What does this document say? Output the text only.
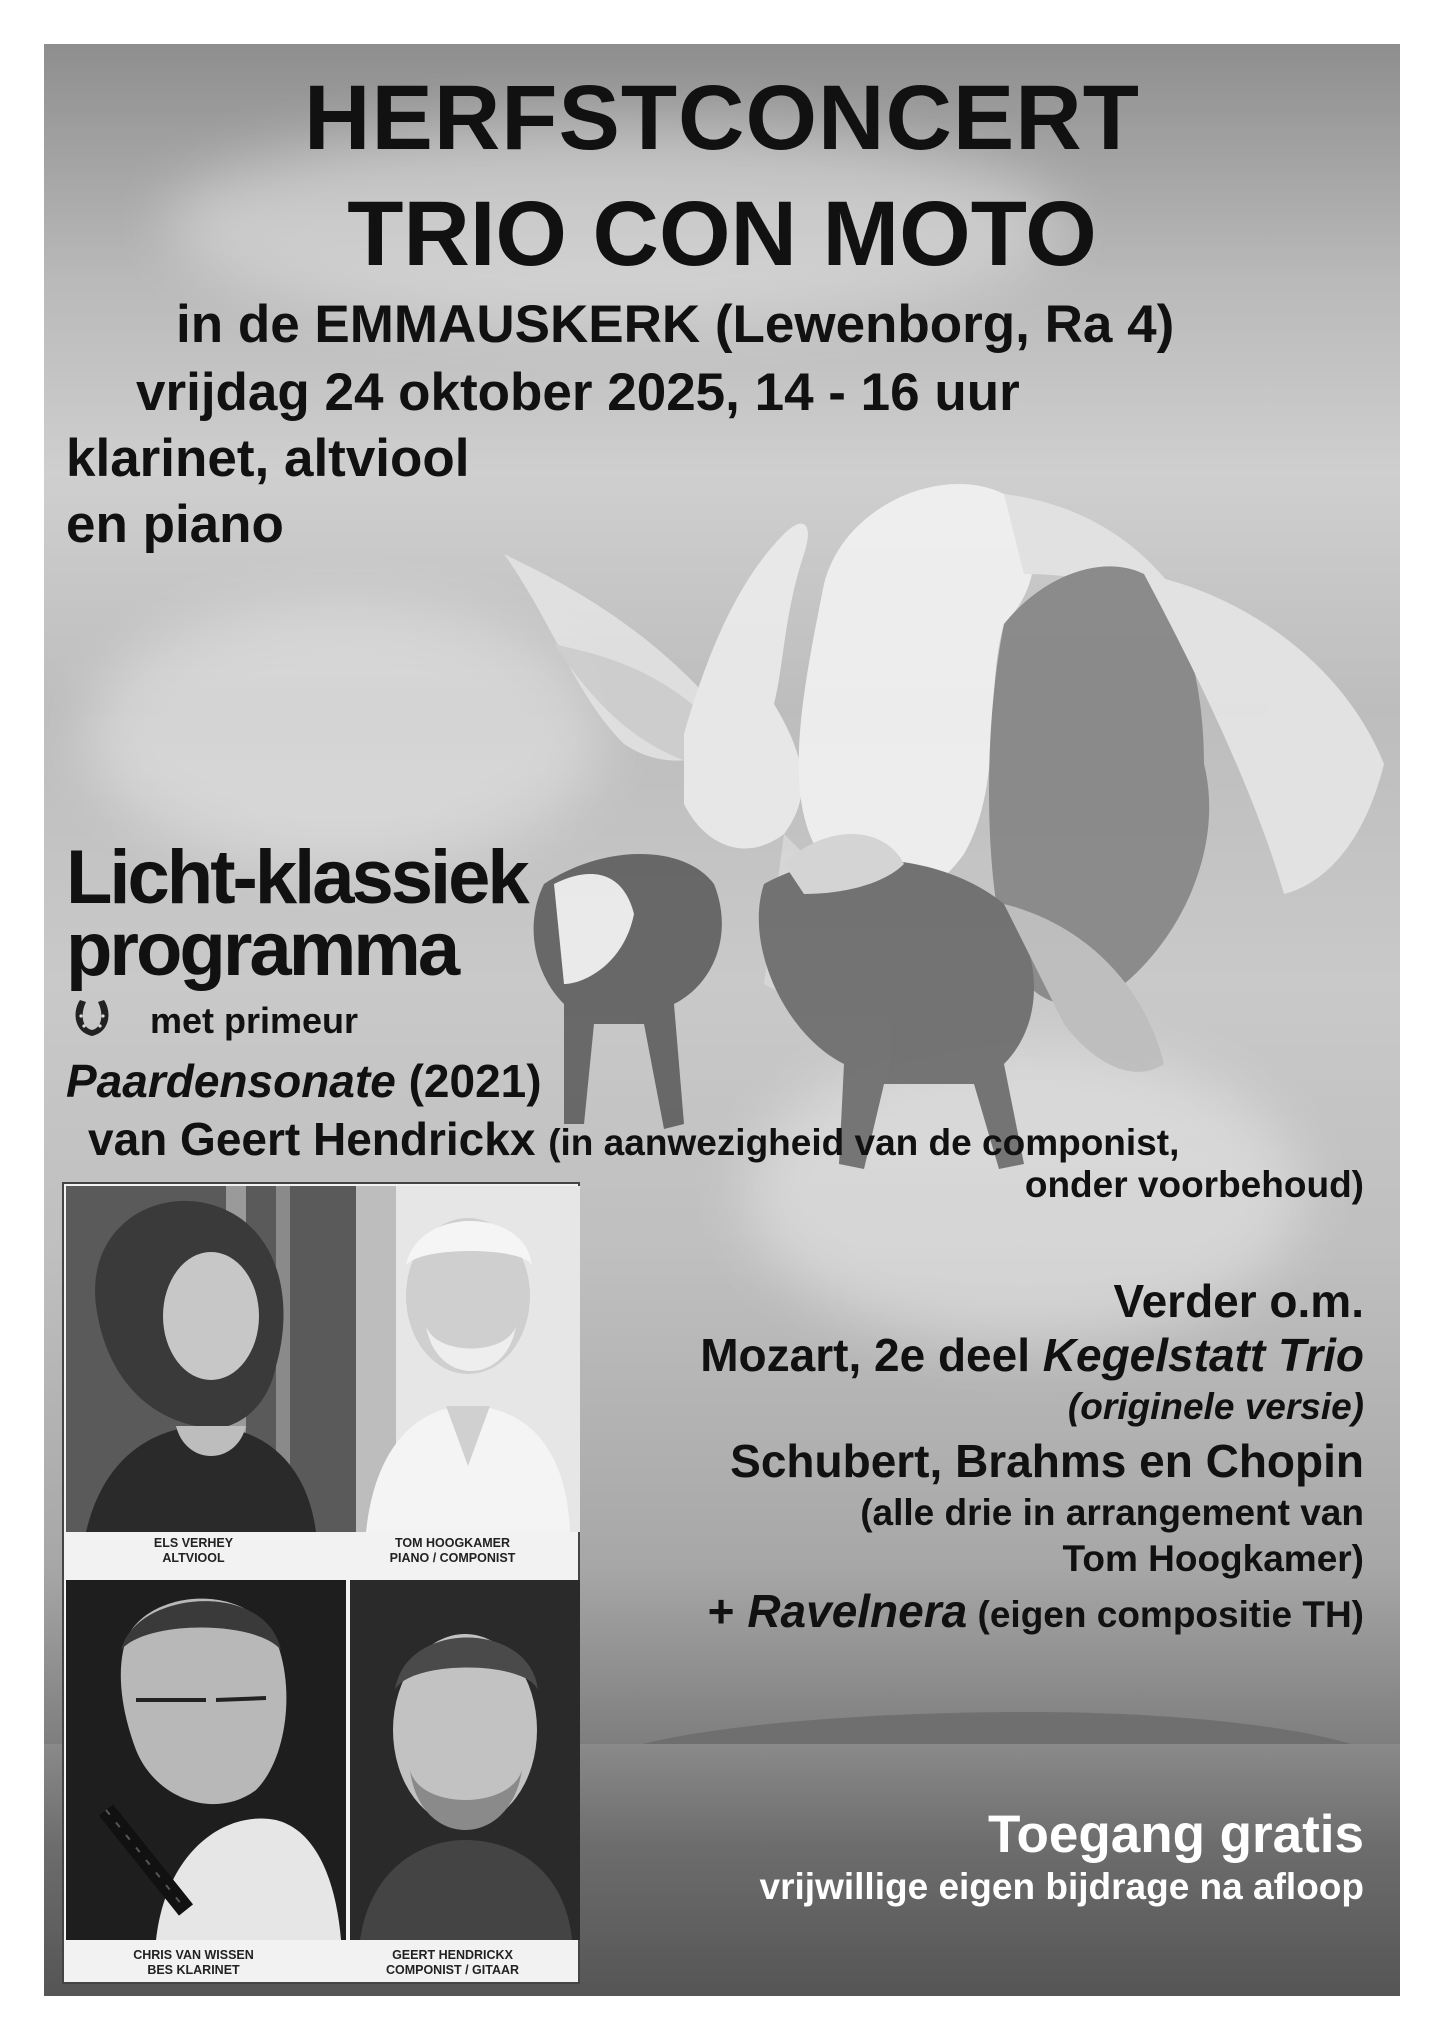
HERFSTCONCERT
TRIO CON MOTO
in de EMMAUSKERK (Lewenborg, Ra 4)
vrijdag 24 oktober 2025, 14 - 16 uur
klarinet, altviool
en piano
Licht-klassiek
programma
met primeur
Paardensonate (2021)
van Geert Hendrickx (in aanwezigheid van de componist,
onder voorbehoud)
Verder o.m.
Mozart, 2e deel Kegelstatt Trio
(originele versie)
Schubert, Brahms en Chopin
(alle drie in arrangement van
Tom Hoogkamer)
+ Ravelnera (eigen compositie TH)
Toegang gratis
vrijwillige eigen bijdrage na afloop
ELS VERHEY
ALTVIOOL
TOM HOOGKAMER
PIANO / COMPONIST
CHRIS VAN WISSEN
BES KLARINET
GEERT HENDRICKX
COMPONIST / GITAAR
